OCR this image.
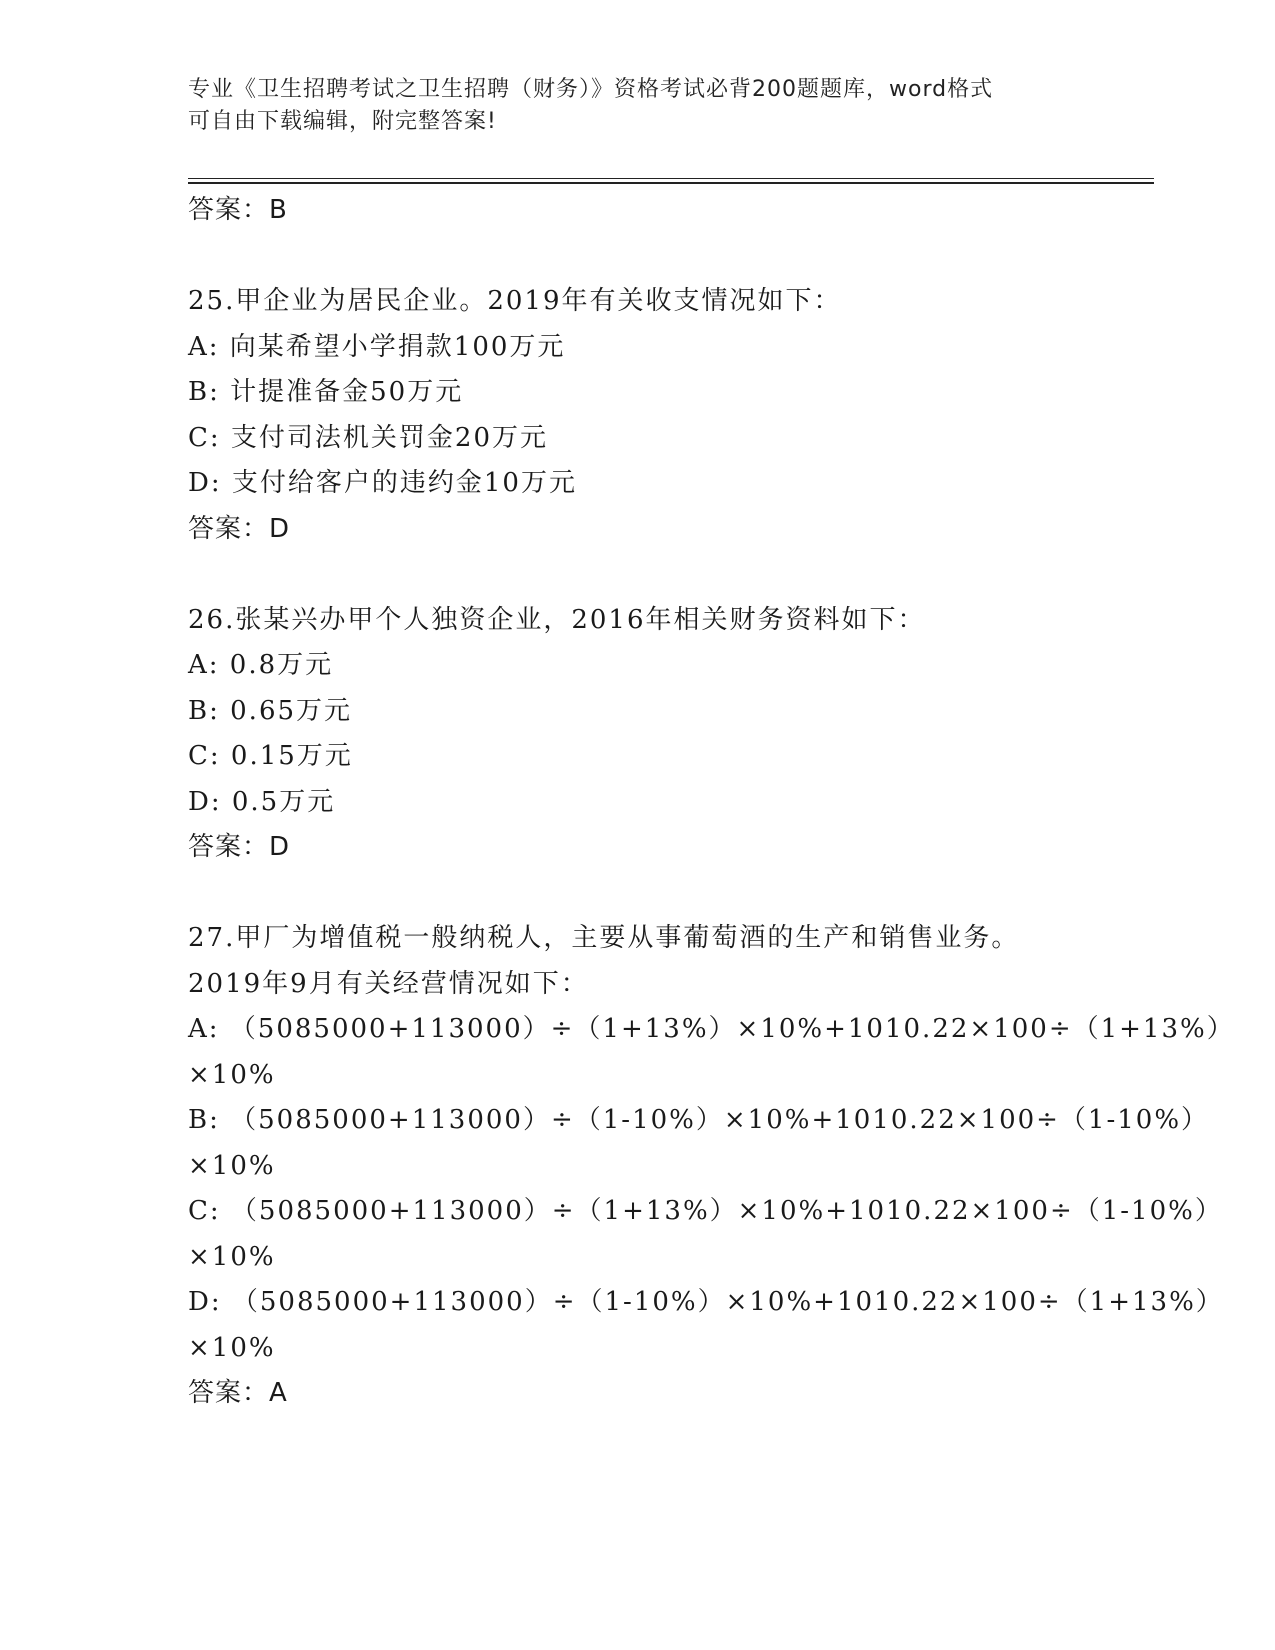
专业《卫生招聘考试之卫生招聘（财务）》资格考试必背200题题库，word格式
可自由下载编辑，附完整答案!
答案：B
25.甲企业为居民企业。2019年有关收支情况如下：
A: 向某希望小学捐款100万元
B: 计提准备金50万元
C: 支付司法机关罚金20万元
D: 支付给客户的违约金10万元
答案：D
26.张某兴办甲个人独资企业，2016年相关财务资料如下：
A: 0.8万元
B: 0.65万元
C: 0.15万元
D: 0.5万元
答案：D
27.甲厂为增值税一般纳税人，主要从事葡萄酒的生产和销售业务。
2019年9月有关经营情况如下：
A: （5085000+113000）÷（1+13%）×10%+1010.22×100÷（1+13%）
×10%
B: （5085000+113000）÷（1-10%）×10%+1010.22×100÷（1-10%）
×10%
C: （5085000+113000）÷（1+13%）×10%+1010.22×100÷（1-10%）
×10%
D: （5085000+113000）÷（1-10%）×10%+1010.22×100÷（1+13%）
×10%
答案：A
